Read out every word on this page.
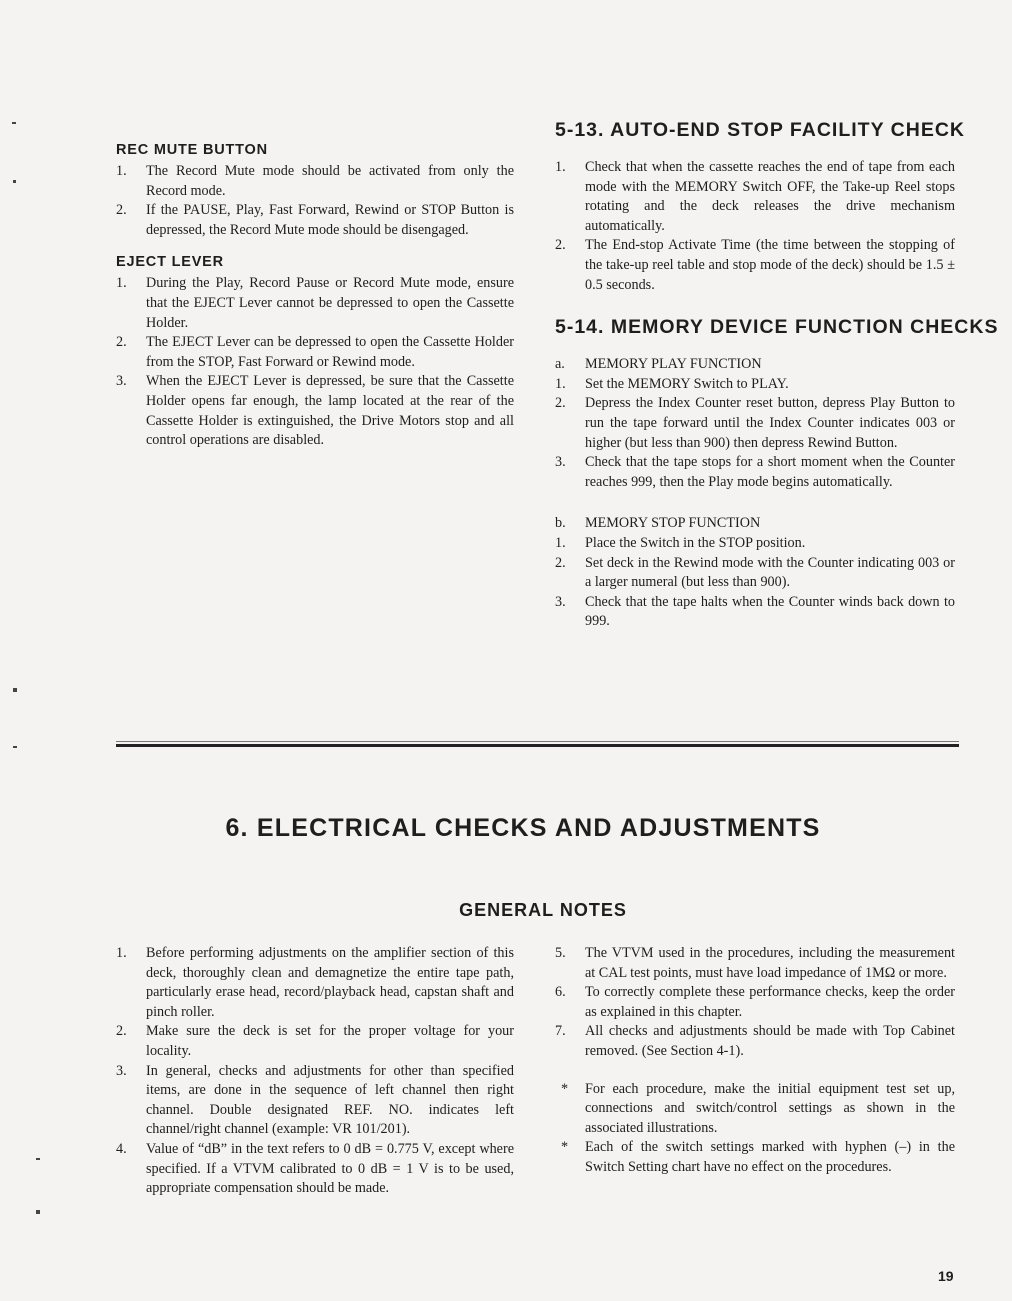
REC MUTE BUTTON

1. The Record Mute mode should be activated from only the Record mode.

2. If the PAUSE, Play, Fast Forward, Rewind or STOP Button is depressed, the Record Mute mode should be disengaged.

EJECT LEVER

1. During the Play, Record Pause or Record Mute mode, ensure that the EJECT Lever cannot be depressed to open the Cassette Holder.

2. The EJECT Lever can be depressed to open the Cassette Holder from the STOP, Fast Forward or Rewind mode.

3. When the EJECT Lever is depressed, be sure that the Cassette Holder opens far enough, the lamp located at the rear of the Cassette Holder is extinguished, the Drive Motors stop and all control operations are disabled.

5-13. AUTO-END STOP FACILITY CHECK

1. Check that when the cassette reaches the end of tape from each mode with the MEMORY Switch OFF, the Take-up Reel stops rotating and the deck releases the drive mechanism automatically.

2. The End-stop Activate Time (the time between the stopping of the take-up reel table and stop mode of the deck) should be 1.5 ± 0.5 seconds.

5-14. MEMORY DEVICE FUNCTION CHECKS

a. MEMORY PLAY FUNCTION

1. Set the MEMORY Switch to PLAY.

2. Depress the Index Counter reset button, depress Play Button to run the tape forward until the Index Counter indicates 003 or higher (but less than 900) then depress Rewind Button.

3. Check that the tape stops for a short moment when the Counter reaches 999, then the Play mode begins automatically.

b. MEMORY STOP FUNCTION

1. Place the Switch in the STOP position.

2. Set deck in the Rewind mode with the Counter indicating 003 or a larger numeral (but less than 900).

3. Check that the tape halts when the Counter winds back down to 999.

6. ELECTRICAL CHECKS AND ADJUSTMENTS
GENERAL NOTES

1. Before performing adjustments on the amplifier section of this deck, thoroughly clean and demagnetize the entire tape path, particularly erase head, record/playback head, capstan shaft and pinch roller.

2. Make sure the deck is set for the proper voltage for your locality.

3. In general, checks and adjustments for other than specified items, are done in the sequence of left channel then right channel. Double designated REF. NO. indicates left channel/right channel (example: VR 101/201).

4. Value of “dB” in the text refers to 0 dB = 0.775 V, except where specified. If a VTVM calibrated to 0 dB = 1 V is to be used, appropriate compensation should be made.

5. The VTVM used in the procedures, including the measurement at CAL test points, must have load impedance of 1MΩ or more.

6. To correctly complete these performance checks, keep the order as explained in this chapter.

7. All checks and adjustments should be made with Top Cabinet removed. (See Section 4-1).

* For each procedure, make the initial equipment test set up, connections and switch/control settings as shown in the associated illustrations.

* Each of the switch settings marked with hyphen (–) in the Switch Setting chart have no effect on the procedures.

19
